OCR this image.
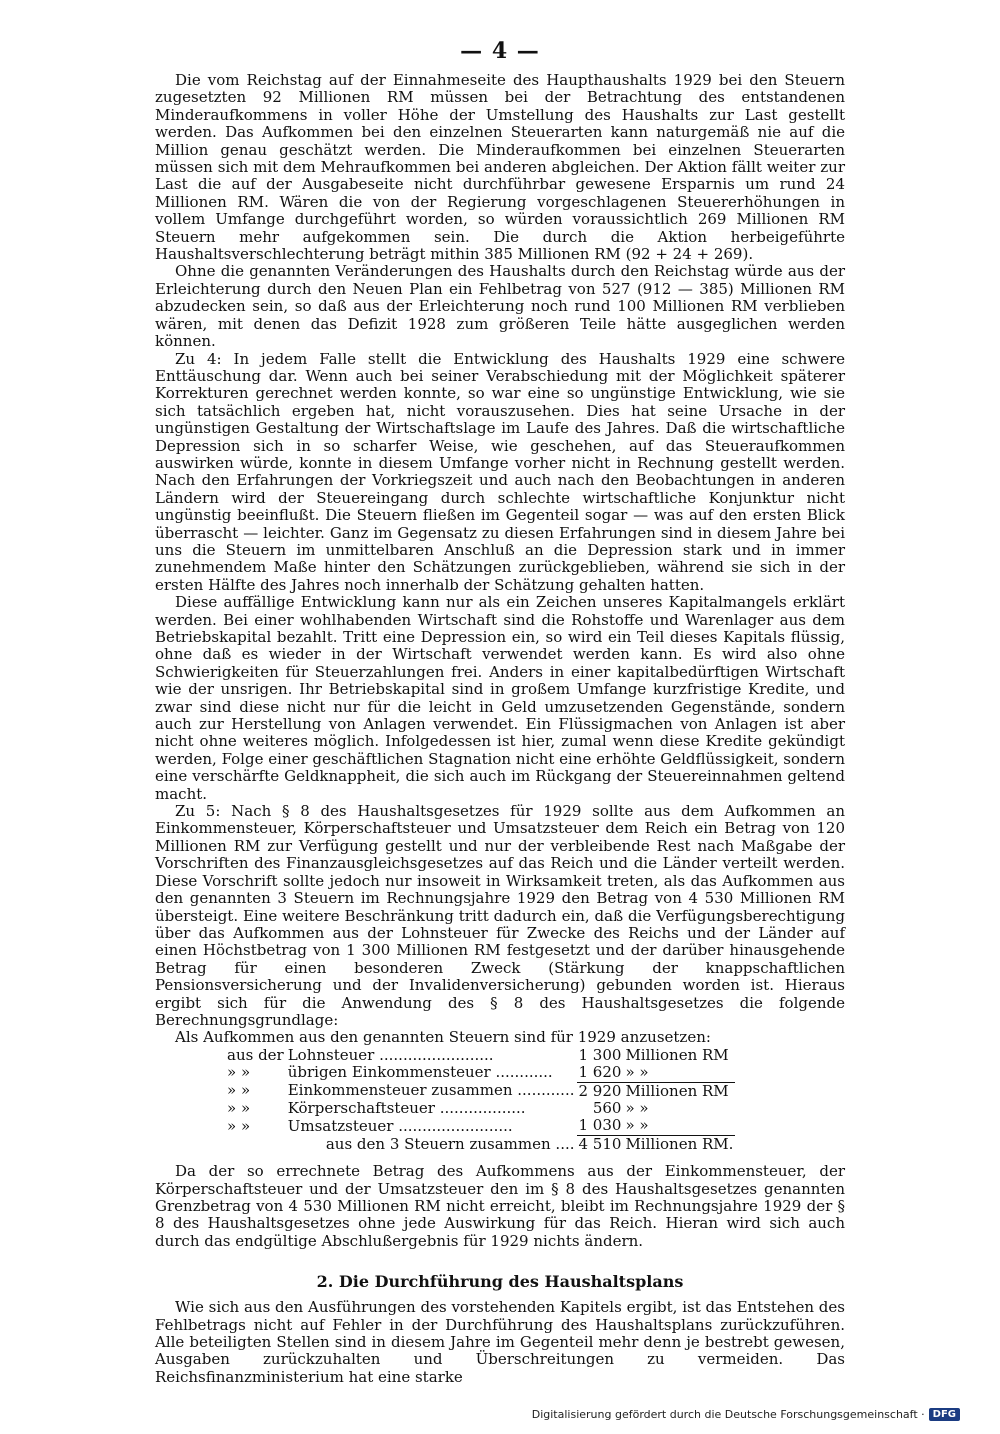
— 4 —

Die vom Reichstag auf der Einnahmeseite des Haupthaushalts 1929 bei den Steuern zugesetzten 92 Millionen RM müssen bei der Betrachtung des entstandenen Minderaufkommens in voller Höhe der Umstellung des Haushalts zur Last gestellt werden. Das Aufkommen bei den einzelnen Steuerarten kann naturgemäß nie auf die Million genau geschätzt werden. Die Minderaufkommen bei einzelnen Steuerarten müssen sich mit dem Mehraufkommen bei anderen abgleichen. Der Aktion fällt weiter zur Last die auf der Ausgabeseite nicht durchführbar gewesene Ersparnis um rund 24 Millionen RM. Wären die von der Regierung vorgeschlagenen Steuererhöhungen in vollem Umfange durchgeführt worden, so würden voraussichtlich 269 Millionen RM Steuern mehr aufgekommen sein. Die durch die Aktion herbeigeführte Haushaltsverschlechterung beträgt mithin 385 Millionen RM (92 + 24 + 269).

Ohne die genannten Veränderungen des Haushalts durch den Reichstag würde aus der Erleichterung durch den Neuen Plan ein Fehlbetrag von 527 (912 — 385) Millionen RM abzudecken sein, so daß aus der Erleichterung noch rund 100 Millionen RM verblieben wären, mit denen das Defizit 1928 zum größeren Teile hätte ausgeglichen werden können.

Zu 4: In jedem Falle stellt die Entwicklung des Haushalts 1929 eine schwere Enttäuschung dar. Wenn auch bei seiner Verabschiedung mit der Möglichkeit späterer Korrekturen gerechnet werden konnte, so war eine so ungünstige Entwicklung, wie sie sich tatsächlich ergeben hat, nicht vorauszusehen. Dies hat seine Ursache in der ungünstigen Gestaltung der Wirtschaftslage im Laufe des Jahres. Daß die wirtschaftliche Depression sich in so scharfer Weise, wie geschehen, auf das Steueraufkommen auswirken würde, konnte in diesem Umfange vorher nicht in Rechnung gestellt werden. Nach den Erfahrungen der Vorkriegszeit und auch nach den Beobachtungen in anderen Ländern wird der Steuereingang durch schlechte wirtschaftliche Konjunktur nicht ungünstig beeinflußt. Die Steuern fließen im Gegenteil sogar — was auf den ersten Blick überrascht — leichter. Ganz im Gegensatz zu diesen Erfahrungen sind in diesem Jahre bei uns die Steuern im unmittelbaren Anschluß an die Depression stark und in immer zunehmendem Maße hinter den Schätzungen zurückgeblieben, während sie sich in der ersten Hälfte des Jahres noch innerhalb der Schätzung gehalten hatten.

Diese auffällige Entwicklung kann nur als ein Zeichen unseres Kapitalmangels erklärt werden. Bei einer wohlhabenden Wirtschaft sind die Rohstoffe und Warenlager aus dem Betriebskapital bezahlt. Tritt eine Depression ein, so wird ein Teil dieses Kapitals flüssig, ohne daß es wieder in der Wirtschaft verwendet werden kann. Es wird also ohne Schwierigkeiten für Steuerzahlungen frei. Anders in einer kapitalbedürftigen Wirtschaft wie der unsrigen. Ihr Betriebskapital sind in großem Umfange kurzfristige Kredite, und zwar sind diese nicht nur für die leicht in Geld umzusetzenden Gegenstände, sondern auch zur Herstellung von Anlagen verwendet. Ein Flüssigmachen von Anlagen ist aber nicht ohne weiteres möglich. Infolgedessen ist hier, zumal wenn diese Kredite gekündigt werden, Folge einer geschäftlichen Stagnation nicht eine erhöhte Geldflüssigkeit, sondern eine verschärfte Geldknappheit, die sich auch im Rückgang der Steuereinnahmen geltend macht.

Zu 5: Nach § 8 des Haushaltsgesetzes für 1929 sollte aus dem Aufkommen an Einkommensteuer, Körperschaftsteuer und Umsatzsteuer dem Reich ein Betrag von 120 Millionen RM zur Verfügung gestellt und nur der verbleibende Rest nach Maßgabe der Vorschriften des Finanzausgleichsgesetzes auf das Reich und die Länder verteilt werden. Diese Vorschrift sollte jedoch nur insoweit in Wirksamkeit treten, als das Aufkommen aus den genannten 3 Steuern im Rechnungsjahre 1929 den Betrag von 4 530 Millionen RM übersteigt. Eine weitere Beschränkung tritt dadurch ein, daß die Verfügungsberechtigung über das Aufkommen aus der Lohnsteuer für Zwecke des Reichs und der Länder auf einen Höchstbetrag von 1 300 Millionen RM festgesetzt und der darüber hinausgehende Betrag für einen besonderen Zweck (Stärkung der knappschaftlichen Pensionsversicherung und der Invalidenversicherung) gebunden worden ist. Hieraus ergibt sich für die Anwendung des § 8 des Haushaltsgesetzes die folgende Berechnungsgrundlage:

Als Aufkommen aus den genannten Steuern sind für 1929 anzusetzen:

aus der	Lohnsteuer ........................	1 300	Millionen RM
» »	übrigen Einkommensteuer ............	1 620	» »
» »	Einkommensteuer zusammen ............	2 920	Millionen RM
» »	Körperschaftsteuer ..................	560	» »
» »	Umsatzsteuer ........................	1 030	» »
	aus den 3 Steuern zusammen ....	4 510	Millionen RM.

Da der so errechnete Betrag des Aufkommens aus der Einkommensteuer, der Körperschaftsteuer und der Umsatzsteuer den im § 8 des Haushaltsgesetzes genannten Grenzbetrag von 4 530 Millionen RM nicht erreicht, bleibt im Rechnungsjahre 1929 der § 8 des Haushaltsgesetzes ohne jede Auswirkung für das Reich. Hieran wird sich auch durch das endgültige Abschlußergebnis für 1929 nichts ändern.

2. Die Durchführung des Haushaltsplans

Wie sich aus den Ausführungen des vorstehenden Kapitels ergibt, ist das Entstehen des Fehlbetrags nicht auf Fehler in der Durchführung des Haushaltsplans zurückzuführen. Alle beteiligten Stellen sind in diesem Jahre im Gegenteil mehr denn je bestrebt gewesen, Ausgaben zurückzuhalten und Überschreitungen zu vermeiden. Das Reichsfinanzministerium hat eine starke

Digitalisierung gefördert durch die Deutsche Forschungsgemeinschaft · DFG
